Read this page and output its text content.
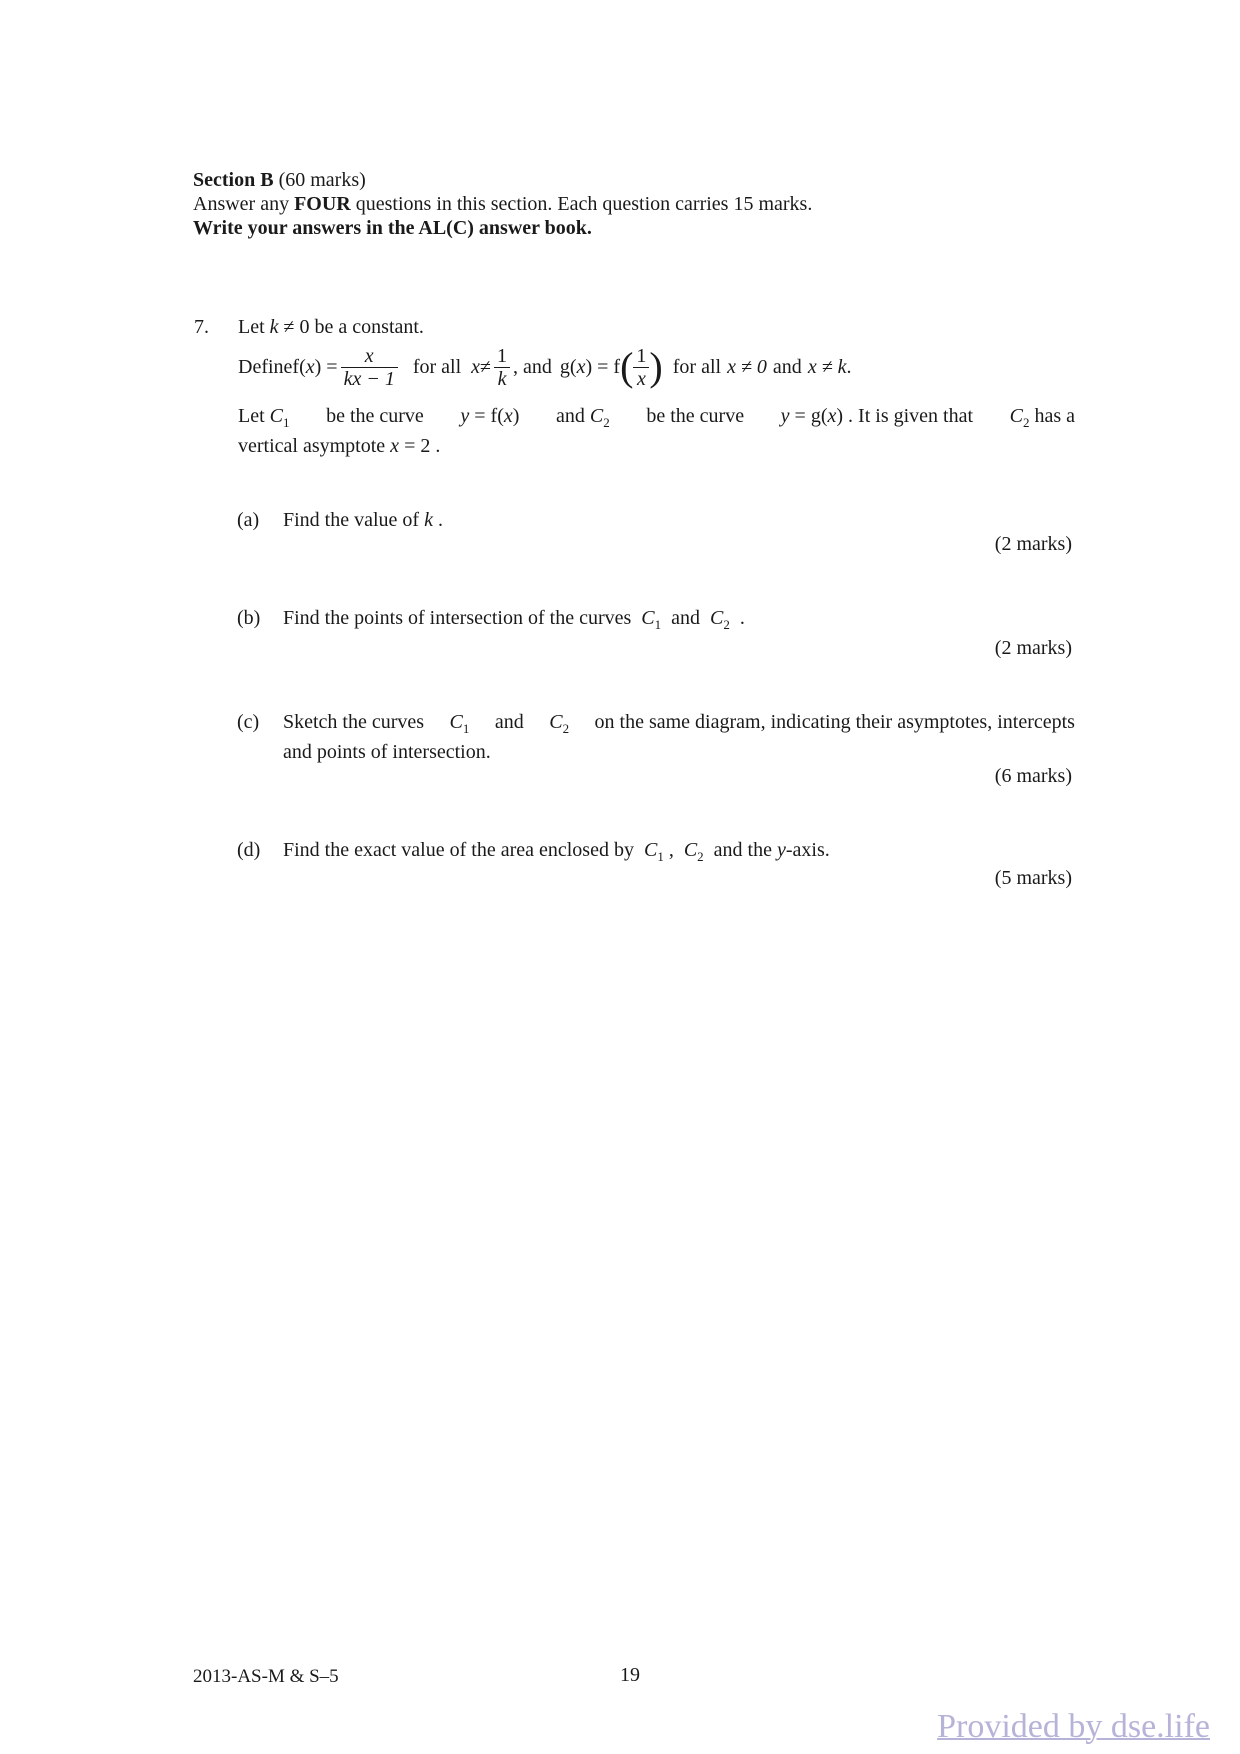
Section B (60 marks)
Answer any FOUR questions in this section. Each question carries 15 marks.
Write your answers in the AL(C) answer book.
7. Let k ≠ 0 be a constant.
Define f( x ) = $\frac{x}{kx - 1}$ for all $x \ne \frac{1}{k}$ , and g( x ) = f ( $\frac{1}{x}$ ) for all x ≠ 0 and x ≠ k .
Let $C_1$ be the curve y = f(x) and $C_2$ be the curve y = g(x) . It is given that $C_2$ has a
vertical asymptote x = 2 .
(a) Find the value of k .
(2 marks)
(b) Find the points of intersection of the curves $C_1$ and $C_2$ .
(2 marks)
(c) Sketch the curves $C_1$ and $C_2$ on the same diagram, indicating their asymptotes, intercepts
and points of intersection.
(6 marks)
(d) Find the exact value of the area enclosed by $C_1$ , $C_2$ and the y-axis.
(5 marks)
2013-AS-M & S–5	19
Provided by dse.life
